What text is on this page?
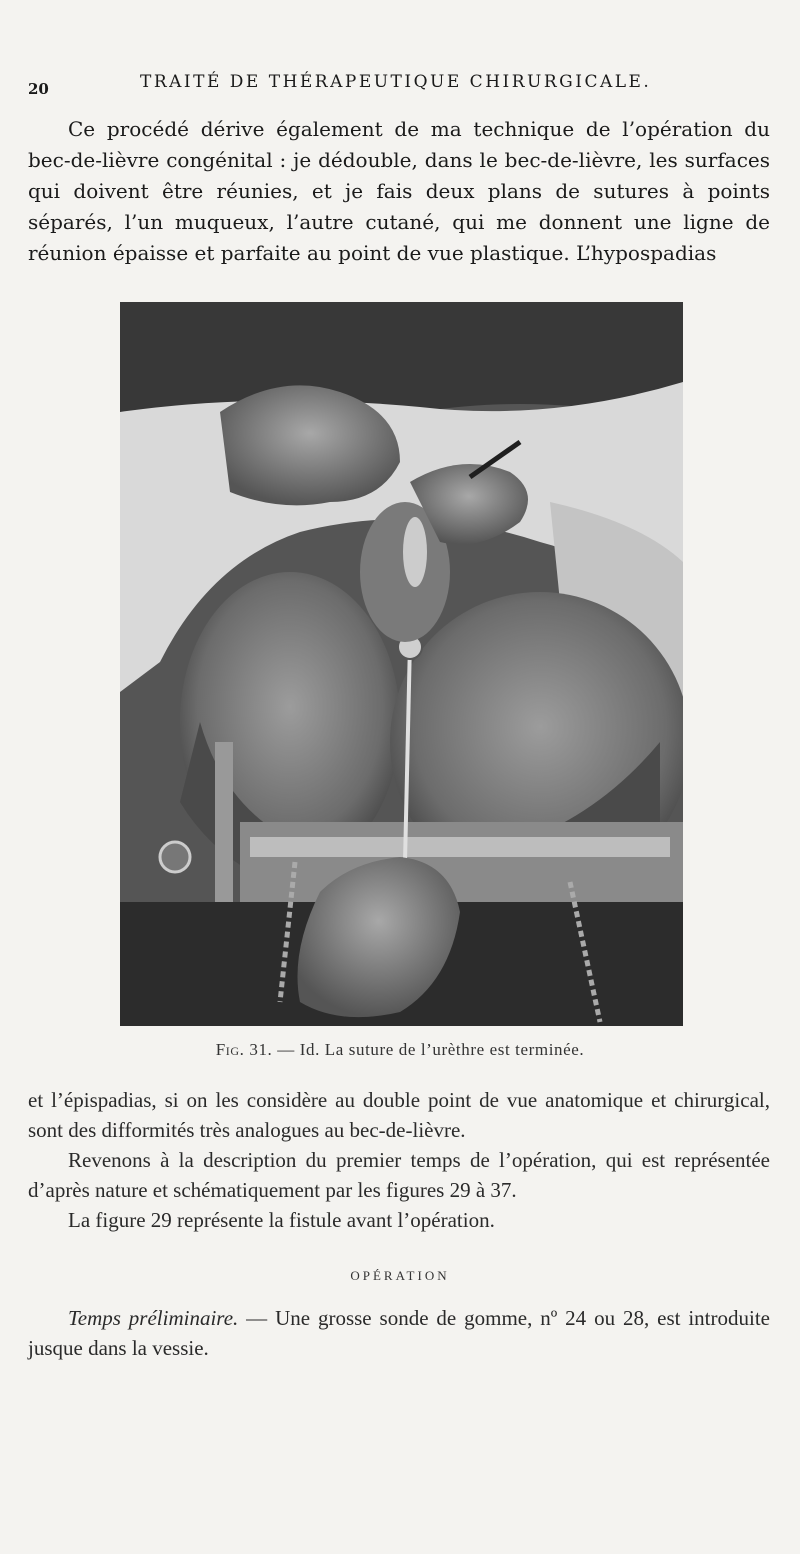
20	TRAITÉ DE THÉRAPEUTIQUE CHIRURGICALE.

Ce procédé dérive également de ma technique de l’opération du bec-de-lièvre congénital : je dédouble, dans le bec-de-lièvre, les surfaces qui doivent être réunies, et je fais deux plans de sutures à points séparés, l’un muqueux, l’autre cutané, qui me donnent une ligne de réunion épaisse et parfaite au point de vue plastique. L’hypospadias

Fig. 31. — Id. La suture de l’urèthre est terminée.
et l’épispadias, si on les considère au double point de vue anatomique et chirurgical, sont des difformités très analogues au bec-de-lièvre.
Revenons à la description du premier temps de l’opération, qui est représentée d’après nature et schématiquement par les figures 29 à 37.
La figure 29 représente la fistule avant l’opération.
OPÉRATION

Temps préliminaire. — Une grosse sonde de gomme, nº 24 ou 28, est introduite jusque dans la vessie.
